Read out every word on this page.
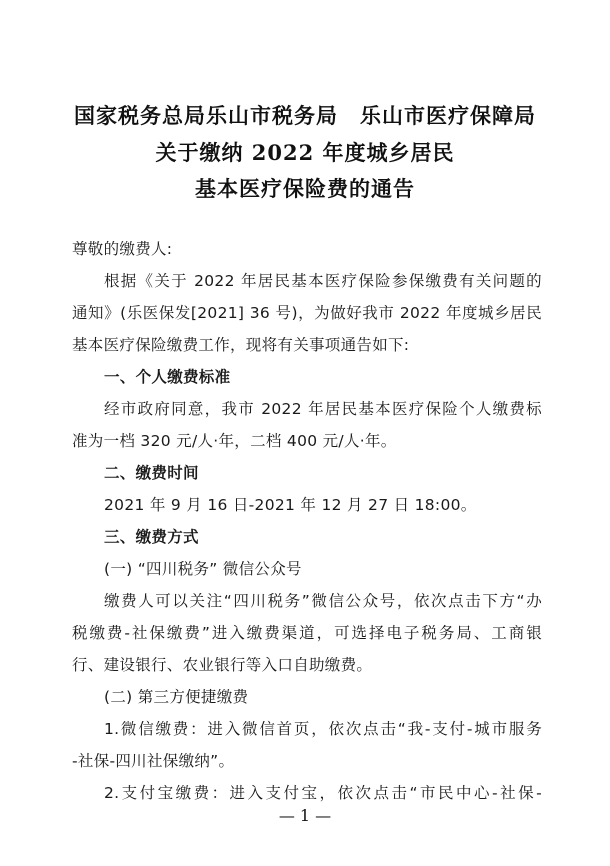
国家税务总局乐山市税务局　乐山市医疗保障局
关于缴纳 2022 年度城乡居民
基本医疗保险费的通告
尊敬的缴费人:
根据《关于 2022 年居民基本医疗保险参保缴费有关问题的
通知》(乐医保发[2021] 36 号)，为做好我市 2022 年度城乡居民
基本医疗保险缴费工作，现将有关事项通告如下:
一、个人缴费标准
经市政府同意，我市 2022 年居民基本医疗保险个人缴费标
准为一档 320 元/人·年，二档 400 元/人·年。
二、缴费时间
2021 年 9 月 16 日-2021 年 12 月 27 日 18:00。
三、缴费方式
(一) “四川税务” 微信公众号
缴费人可以关注“四川税务”微信公众号，依次点击下方“办
税缴费-社保缴费”进入缴费渠道，可选择电子税务局、工商银
行、建设银行、农业银行等入口自助缴费。
(二) 第三方便捷缴费
1.微信缴费：进入微信首页，依次点击“我-支付-城市服务
-社保-四川社保缴纳”。
2.支付宝缴费：进入支付宝，依次点击“市民中心-社保-
— 1 —
